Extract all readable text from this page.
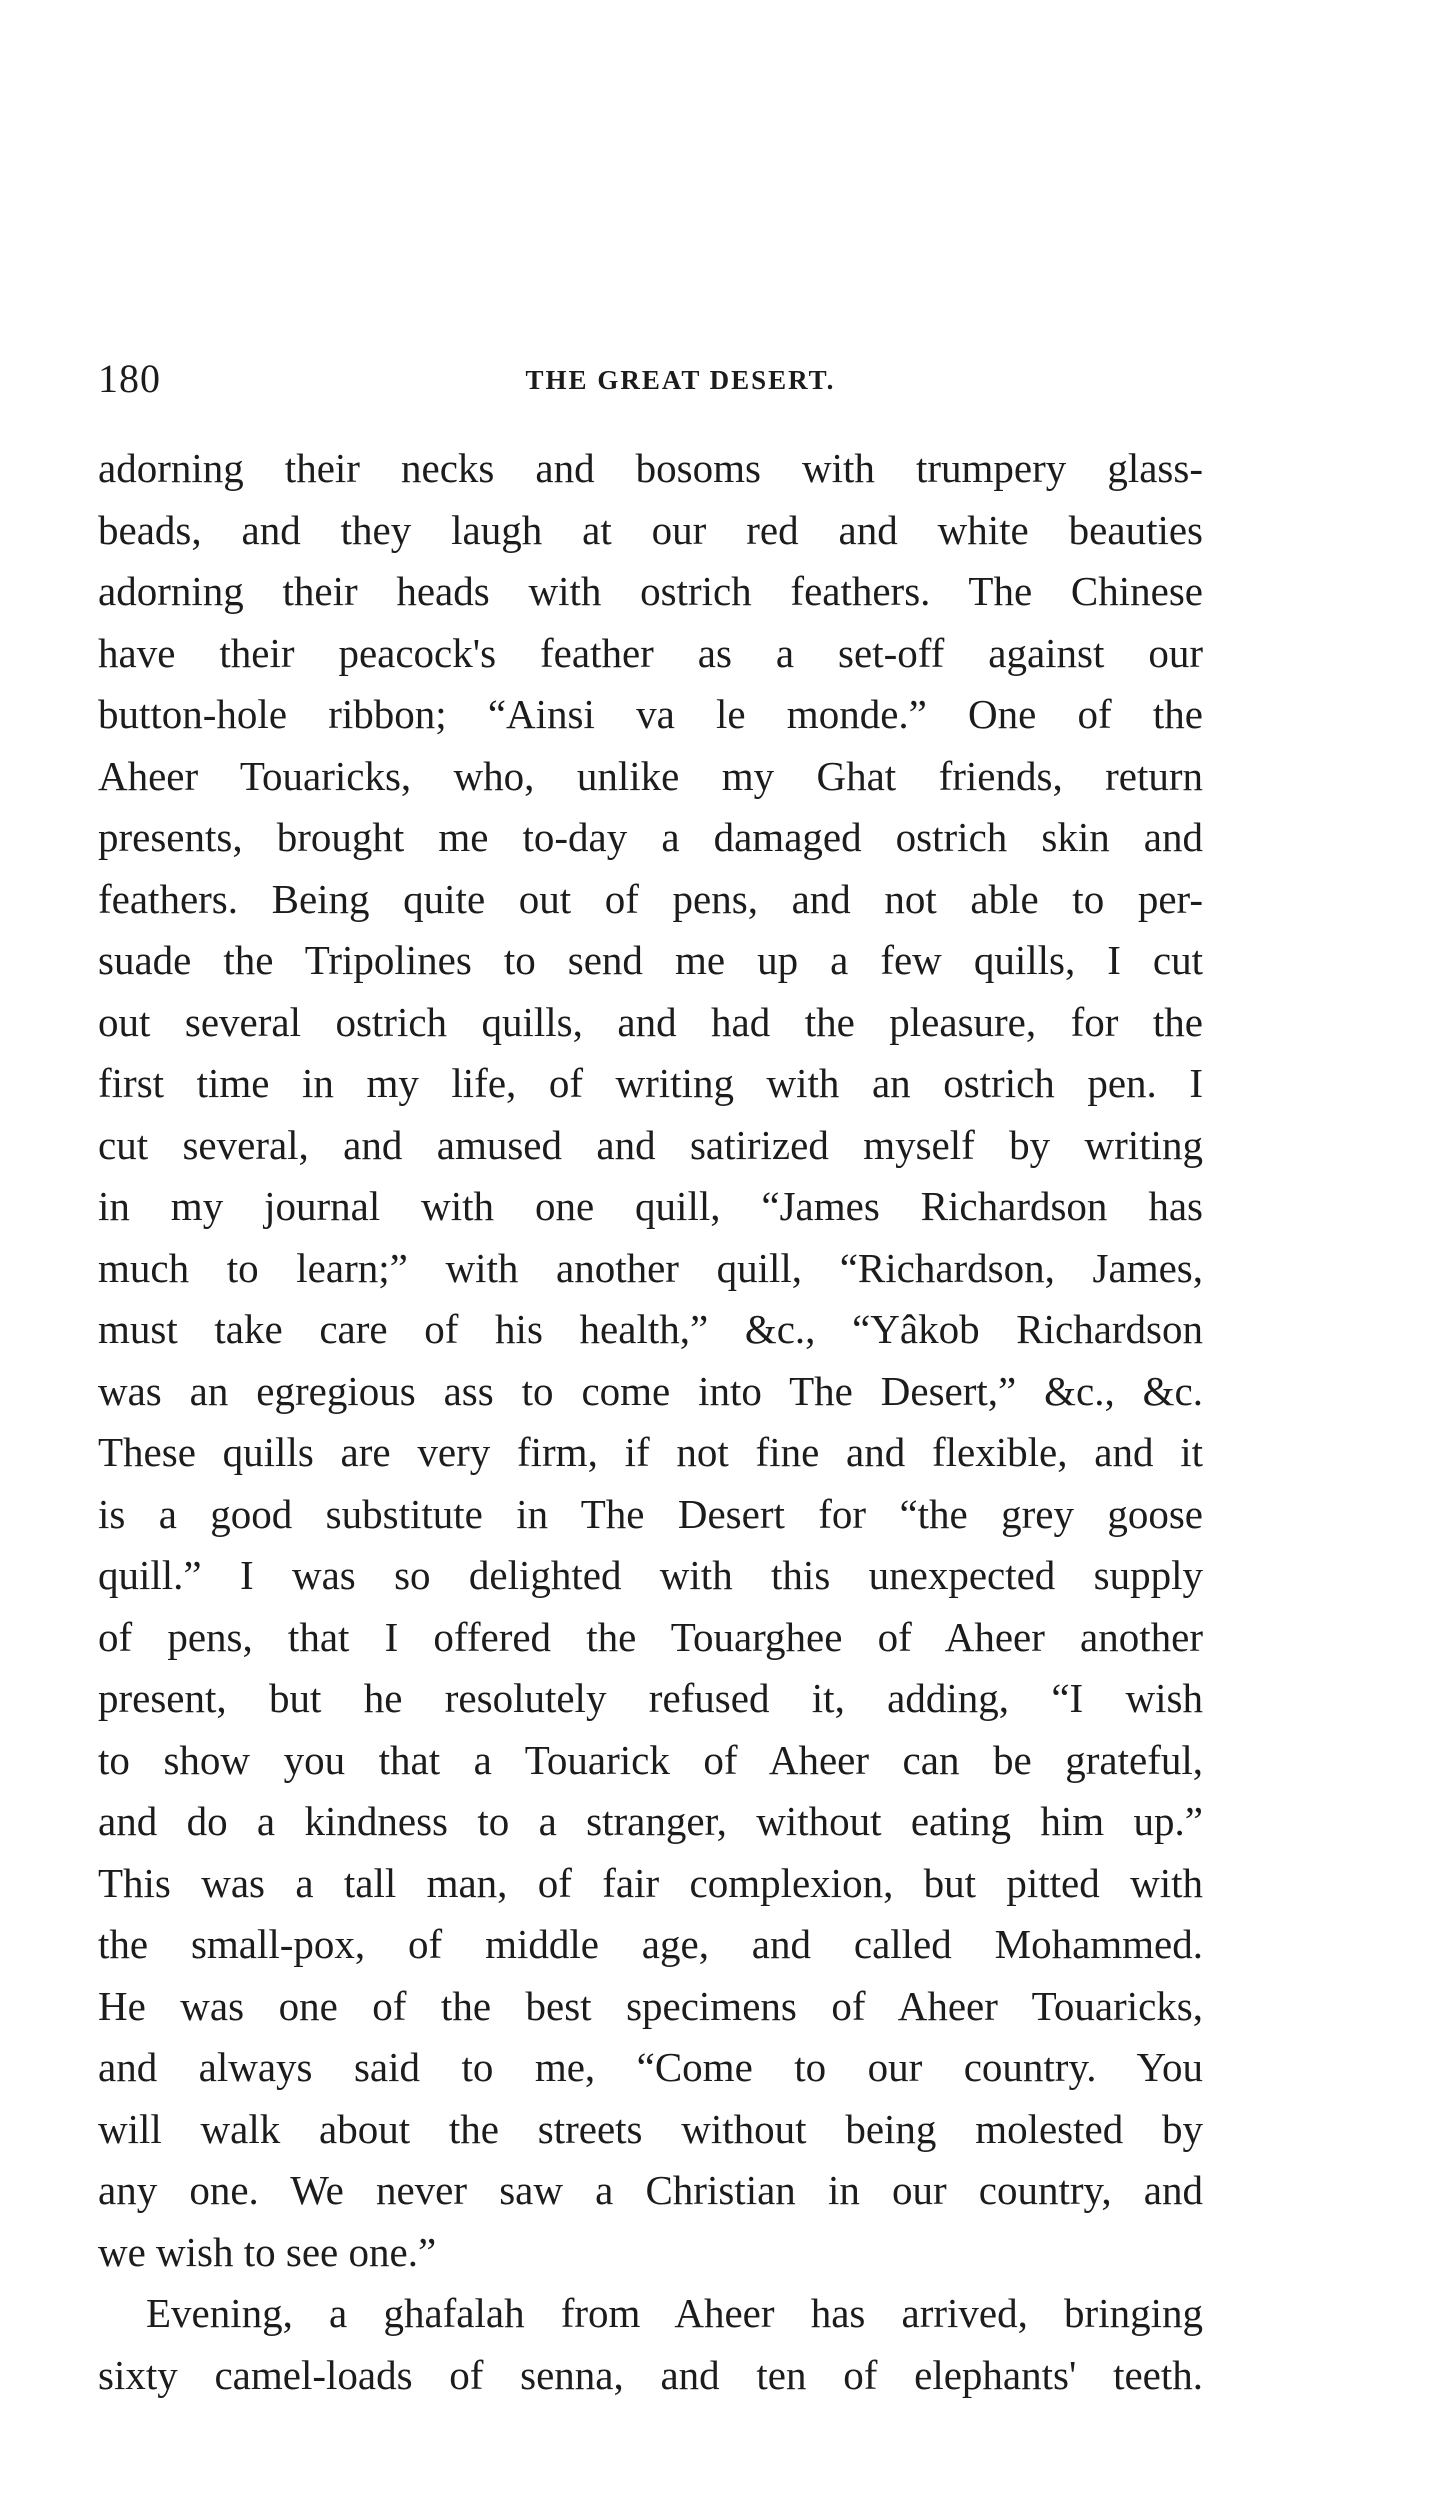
180	THE GREAT DESERT.
adorning their necks and bosoms with trumpery glass-
beads, and they laugh at our red and white beauties
adorning their heads with ostrich feathers. The Chinese
have their peacock's feather as a set-off against our
button-hole ribbon; “Ainsi va le monde.” One of the
Aheer Touaricks, who, unlike my Ghat friends, return
presents, brought me to-day a damaged ostrich skin and
feathers. Being quite out of pens, and not able to per-
suade the Tripolines to send me up a few quills, I cut
out several ostrich quills, and had the pleasure, for the
first time in my life, of writing with an ostrich pen. I
cut several, and amused and satirized myself by writing
in my journal with one quill, “James Richardson has
much to learn;” with another quill, “Richardson, James,
must take care of his health,” &c., “Yâkob Richardson
was an egregious ass to come into The Desert,” &c., &c.
These quills are very firm, if not fine and flexible, and it
is a good substitute in The Desert for “the grey goose
quill.” I was so delighted with this unexpected supply
of pens, that I offered the Touarghee of Aheer another
present, but he resolutely refused it, adding, “I wish
to show you that a Touarick of Aheer can be grateful,
and do a kindness to a stranger, without eating him up.”
This was a tall man, of fair complexion, but pitted with
the small-pox, of middle age, and called Mohammed.
He was one of the best specimens of Aheer Touaricks,
and always said to me, “Come to our country. You
will walk about the streets without being molested by
any one. We never saw a Christian in our country, and
we wish to see one.”
Evening, a ghafalah from Aheer has arrived, bringing
sixty camel-loads of senna, and ten of elephants' teeth.
